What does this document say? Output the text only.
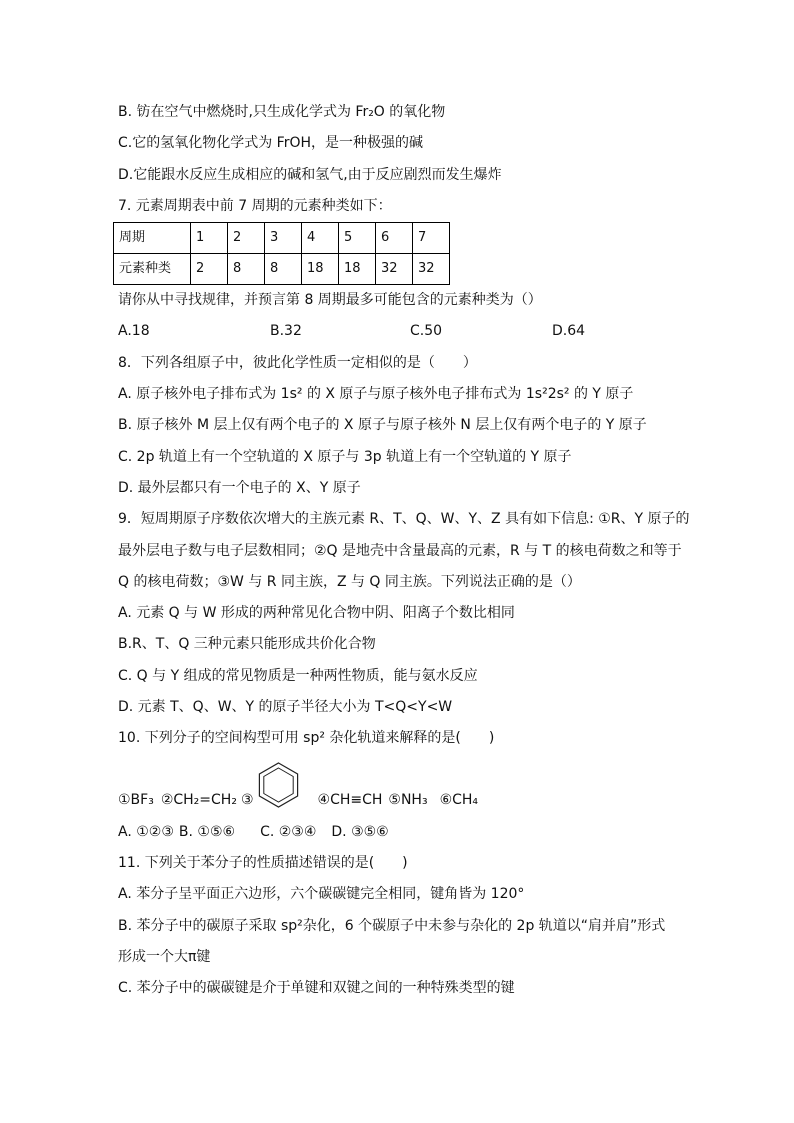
B. 钫在空气中燃烧时,只生成化学式为 Fr₂O 的氧化物
C.它的氢氧化物化学式为 FrOH，是一种极强的碱
D.它能跟水反应生成相应的碱和氢气,由于反应剧烈而发生爆炸
7. 元素周期表中前 7 周期的元素种类如下：
周期	1	2	3	4	5	6	7
元素种类	2	8	8	18	18	32	32
请你从中寻找规律，并预言第 8 周期最多可能包含的元素种类为（）
A.18	B.32	C.50	D.64
8．下列各组原子中，彼此化学性质一定相似的是（　　）
A. 原子核外电子排布式为 1s² 的 X 原子与原子核外电子排布式为 1s²2s² 的 Y 原子
B. 原子核外 M 层上仅有两个电子的 X 原子与原子核外 N 层上仅有两个电子的 Y 原子
C. 2p 轨道上有一个空轨道的 X 原子与 3p 轨道上有一个空轨道的 Y 原子
D. 最外层都只有一个电子的 X、Y 原子
9．短周期原子序数依次增大的主族元素 R、T、Q、W、Y、Z 具有如下信息: ①R、Y 原子的
最外层电子数与电子层数相同；②Q 是地壳中含量最高的元素，R 与 T 的核电荷数之和等于
Q 的核电荷数；③W 与 R 同主族，Z 与 Q 同主族。下列说法正确的是（）
A. 元素 Q 与 W 形成的两种常见化合物中阴、阳离子个数比相同
B.R、T、Q 三种元素只能形成共价化合物
C. Q 与 Y 组成的常见物质是一种两性物质，能与氨水反应
D. 元素 T、Q、W、Y 的原子半径大小为 T<Q<Y<W
10. 下列分子的空间构型可用 sp² 杂化轨道来解释的是(　　)
①BF₃ ②CH₂=CH₂ ③	④CH≡CH ⑤NH₃ ⑥CH₄
A. ①②③ B. ①⑤⑥ C. ②③④ D. ③⑤⑥
11. 下列关于苯分子的性质描述错误的是(　　)
A. 苯分子呈平面正六边形，六个碳碳键完全相同，键角皆为 120°
B. 苯分子中的碳原子采取 sp²杂化，6 个碳原子中未参与杂化的 2p 轨道以“肩并肩”形式
形成一个大π键
C. 苯分子中的碳碳键是介于单键和双键之间的一种特殊类型的键
